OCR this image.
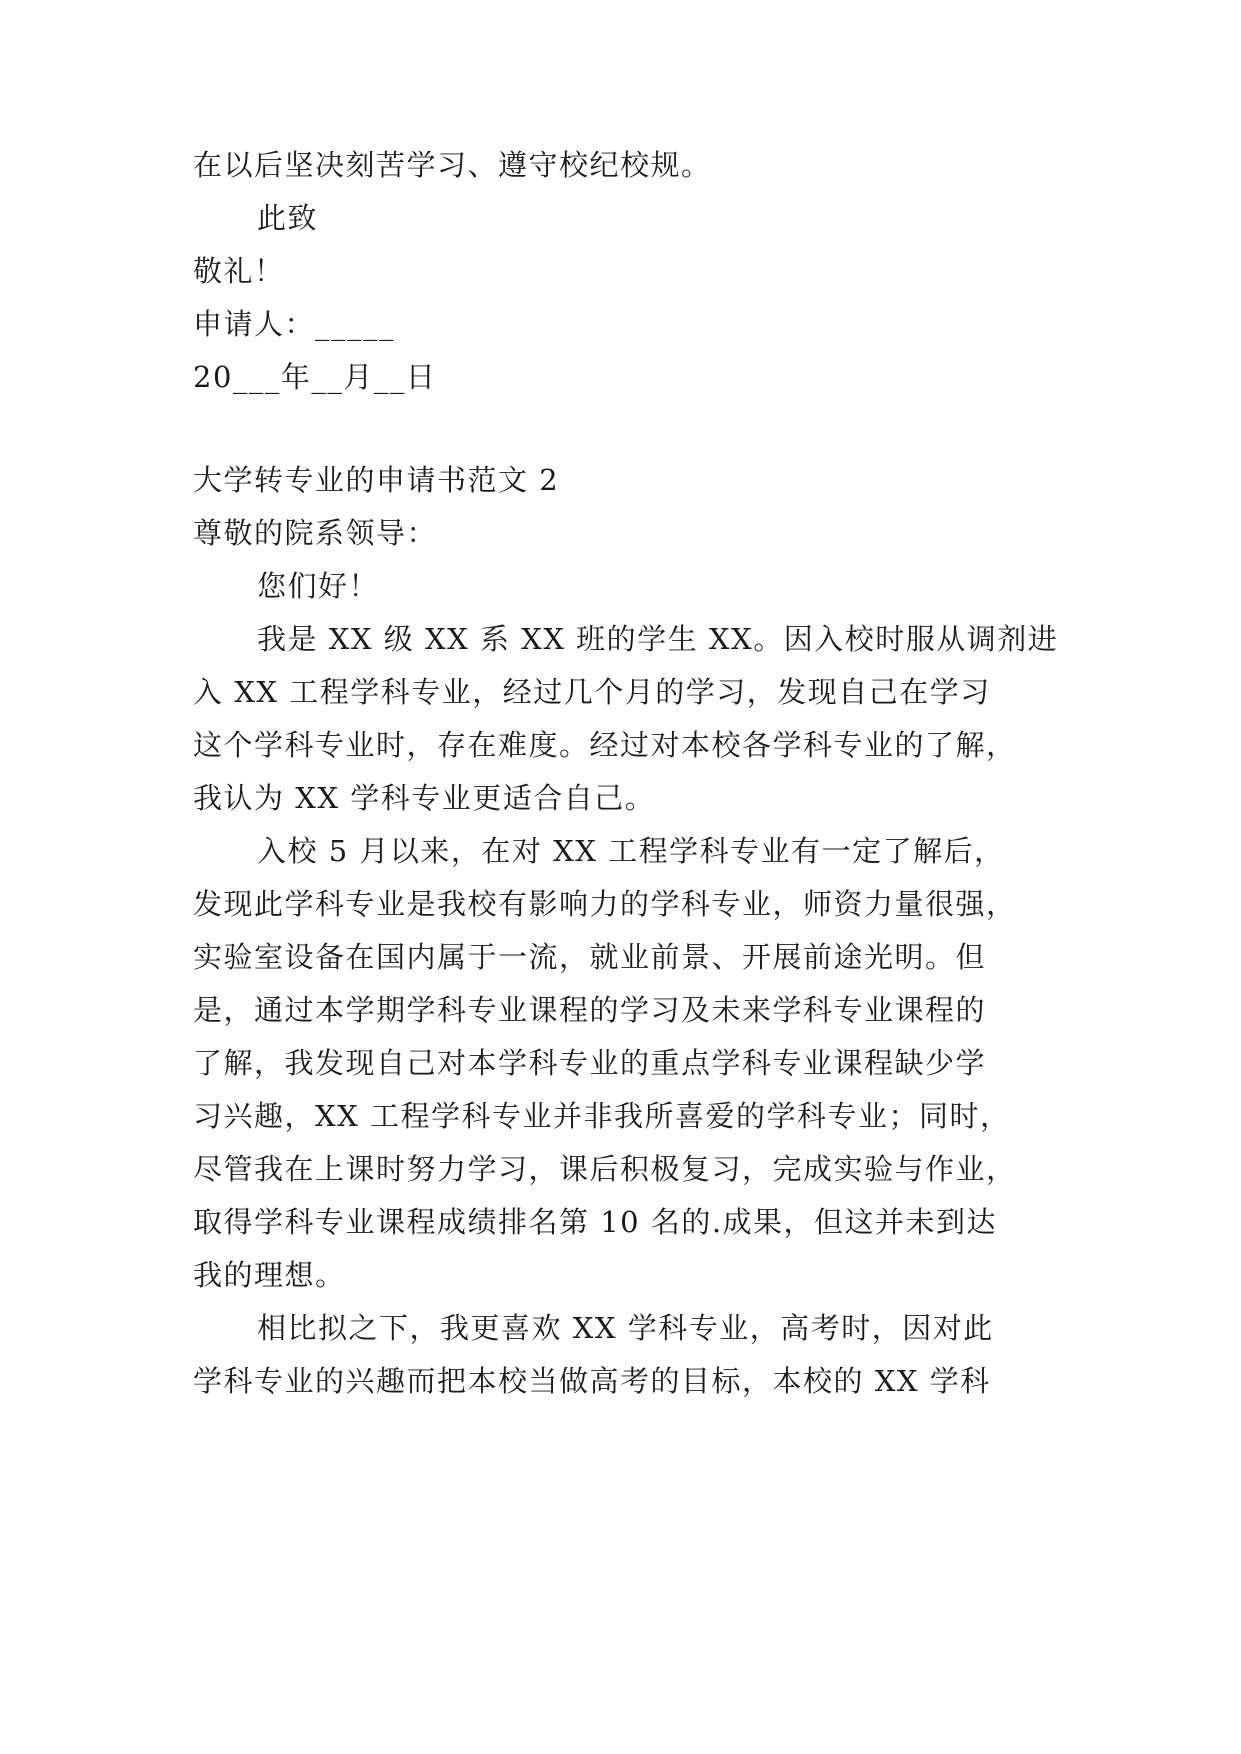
在以后坚决刻苦学习、遵守校纪校规。
此致
敬礼！
申请人：_____
20___年__月__日
大学转专业的申请书范文 2
尊敬的院系领导：
您们好！
我是 XX 级 XX 系 XX 班的学生 XX。因入校时服从调剂进
入 XX 工程学科专业，经过几个月的学习，发现自己在学习
这个学科专业时，存在难度。经过对本校各学科专业的了解，
我认为 XX 学科专业更适合自己。
入校 5 月以来，在对 XX 工程学科专业有一定了解后，
发现此学科专业是我校有影响力的学科专业，师资力量很强，
实验室设备在国内属于一流，就业前景、开展前途光明。但
是，通过本学期学科专业课程的学习及未来学科专业课程的
了解，我发现自己对本学科专业的重点学科专业课程缺少学
习兴趣，XX 工程学科专业并非我所喜爱的学科专业；同时，
尽管我在上课时努力学习，课后积极复习，完成实验与作业，
取得学科专业课程成绩排名第 10 名的.成果，但这并未到达
我的理想。
相比拟之下，我更喜欢 XX 学科专业，高考时，因对此
学科专业的兴趣而把本校当做高考的目标，本校的 XX 学科
